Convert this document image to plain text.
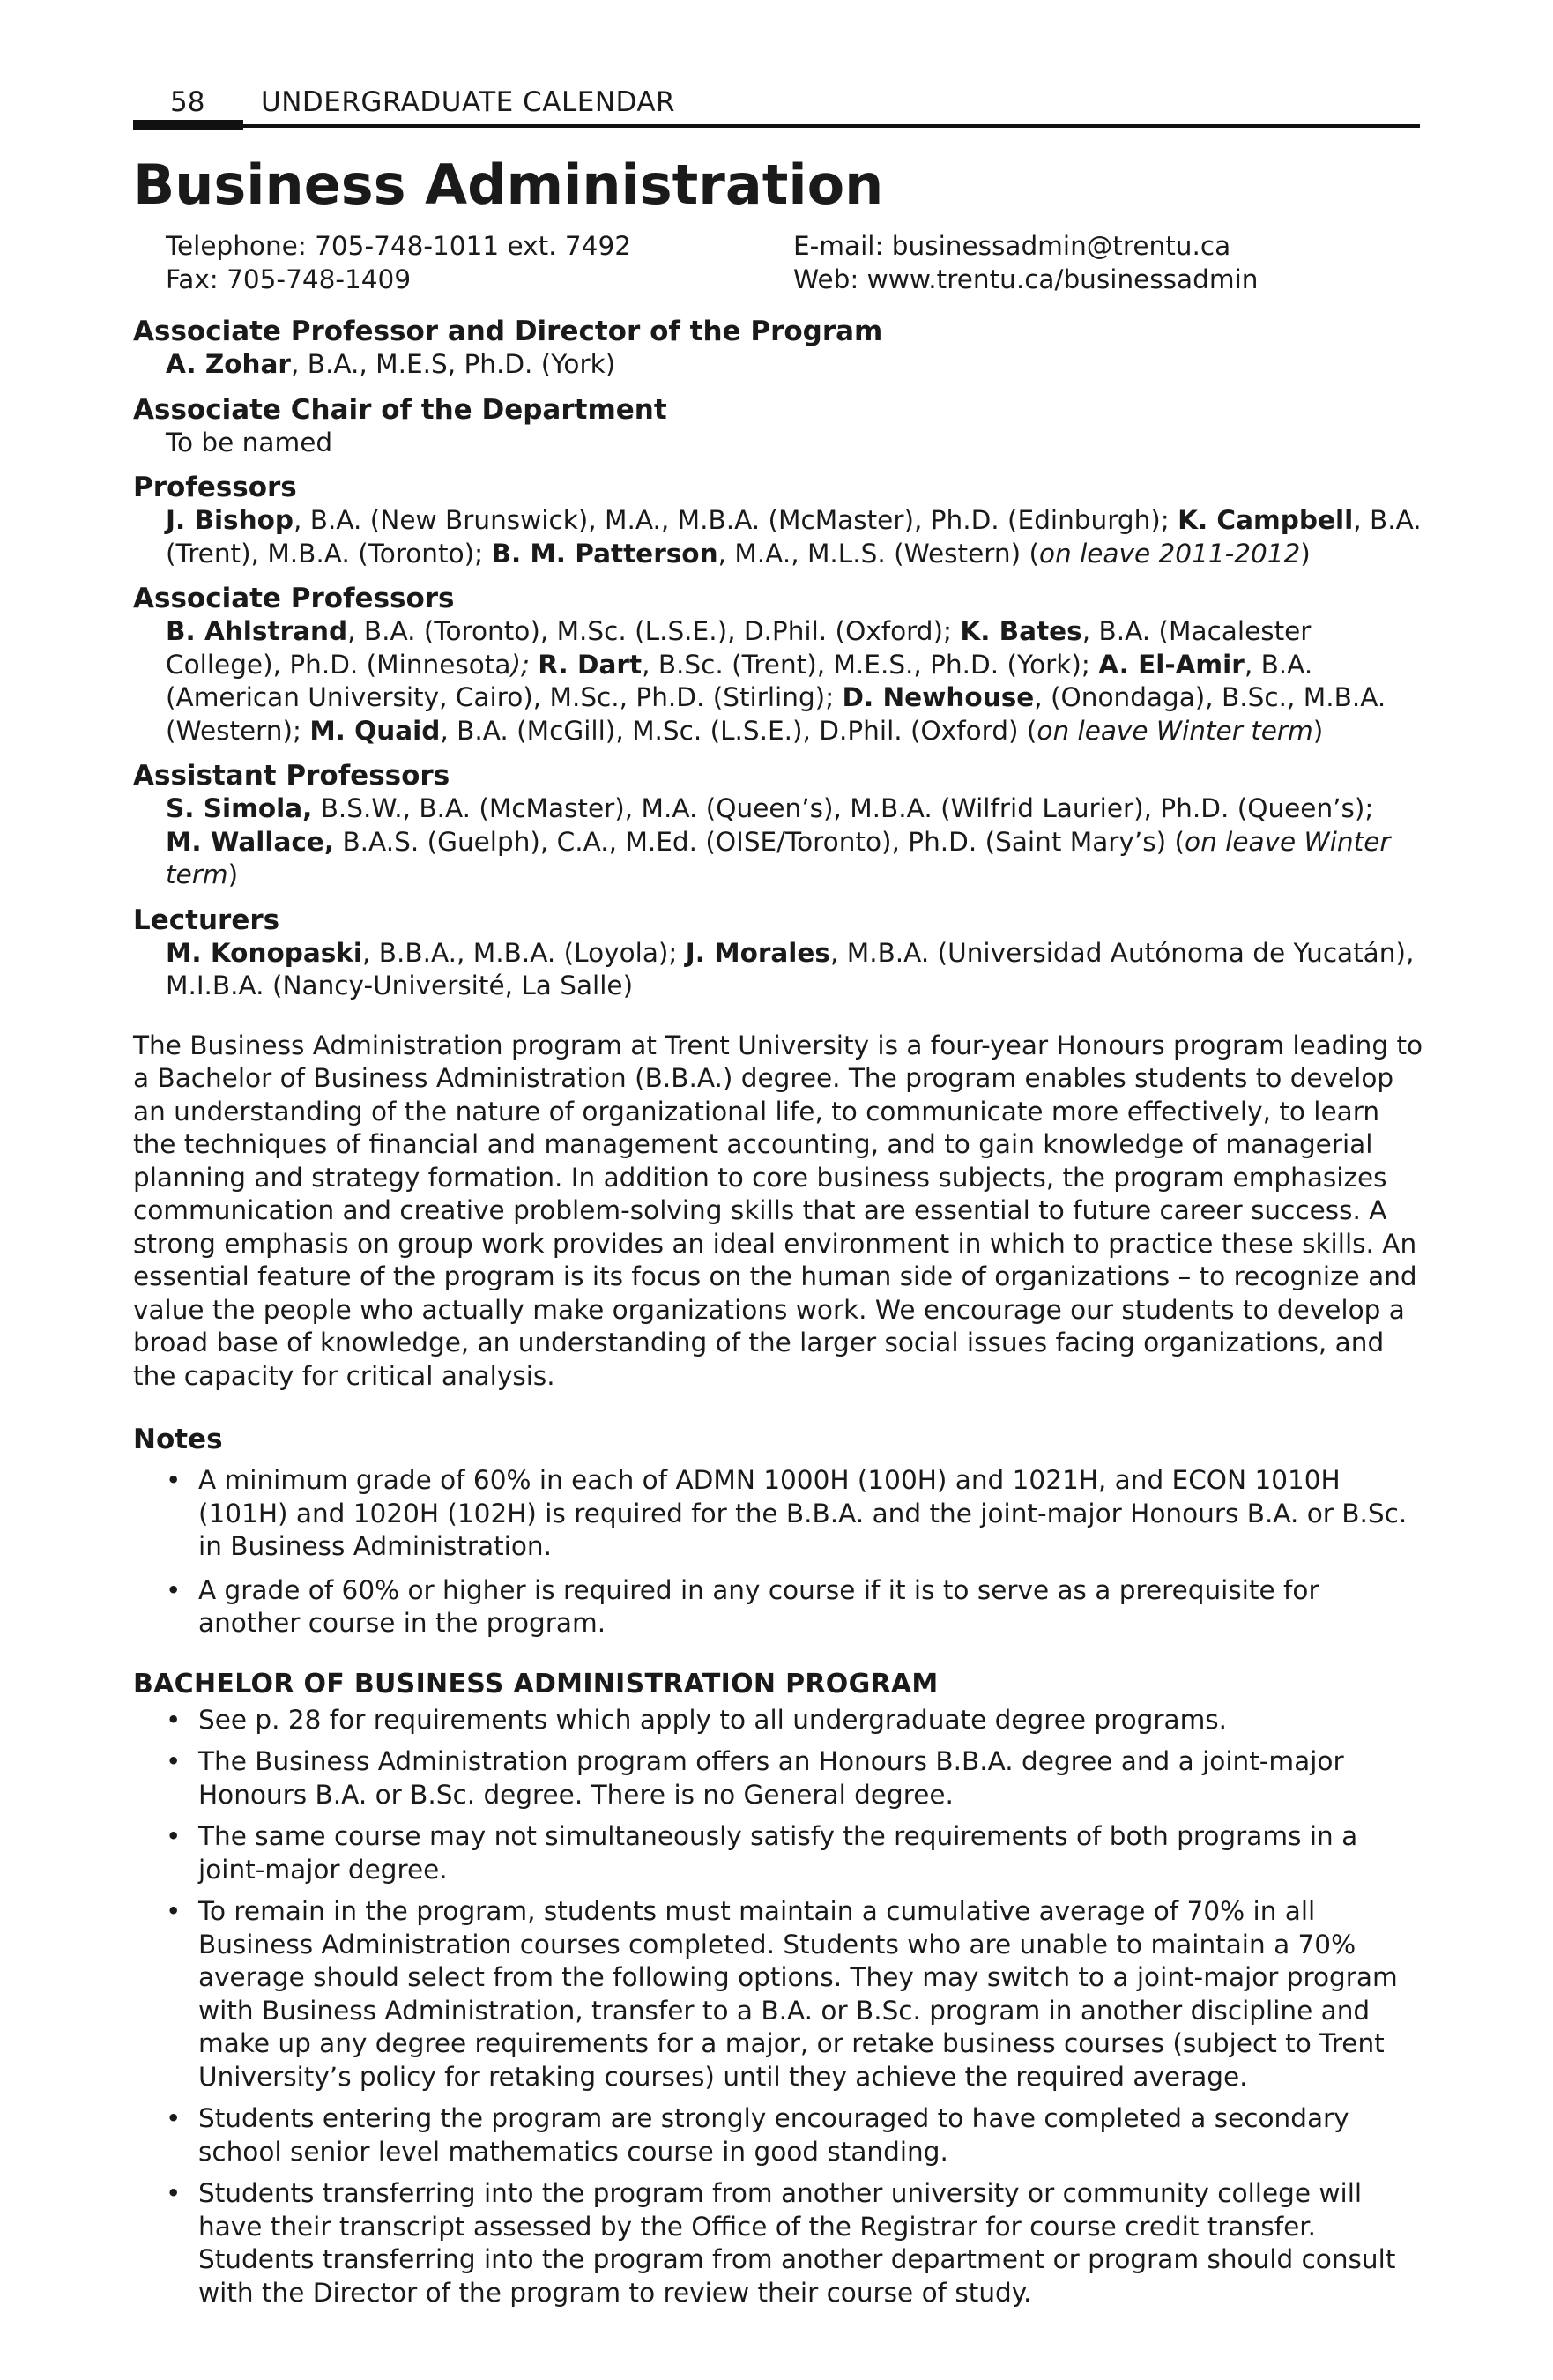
58 UNDERGRADUATE CALENDAR
Business Administration
Telephone: 705-748-1011 ext. 7492
Fax: 705-748-1409
E-mail: businessadmin@trentu.ca
Web: www.trentu.ca/businessadmin
Associate Professor and Director of the Program
A. Zohar, B.A., M.E.S, Ph.D. (York)
Associate Chair of the Department
To be named
Professors
J. Bishop, B.A. (New Brunswick), M.A., M.B.A. (McMaster), Ph.D. (Edinburgh); K. Campbell, B.A. (Trent), M.B.A. (Toronto); B. M. Patterson, M.A., M.L.S. (Western) (on leave 2011-2012)
Associate Professors
B. Ahlstrand, B.A. (Toronto), M.Sc. (L.S.E.), D.Phil. (Oxford); K. Bates, B.A. (Macalester College), Ph.D. (Minnesota); R. Dart, B.Sc. (Trent), M.E.S., Ph.D. (York); A. El-Amir, B.A. (American University, Cairo), M.Sc., Ph.D. (Stirling); D. Newhouse, (Onondaga), B.Sc., M.B.A. (Western); M. Quaid, B.A. (McGill), M.Sc. (L.S.E.), D.Phil. (Oxford) (on leave Winter term)
Assistant Professors
S. Simola, B.S.W., B.A. (McMaster), M.A. (Queen’s), M.B.A. (Wilfrid Laurier), Ph.D. (Queen’s);
M. Wallace, B.A.S. (Guelph), C.A., M.Ed. (OISE/Toronto), Ph.D. (Saint Mary’s) (on leave Winter term)
Lecturers
M. Konopaski, B.B.A., M.B.A. (Loyola); J. Morales, M.B.A. (Universidad Autónoma de Yucatán), M.I.B.A. (Nancy-Université, La Salle)

The Business Administration program at Trent University is a four-year Honours program leading to a Bachelor of Business Administration (B.B.A.) degree. The program enables students to develop an understanding of the nature of organizational life, to communicate more effectively, to learn the techniques of financial and management accounting, and to gain knowledge of managerial planning and strategy formation. In addition to core business subjects, the program emphasizes communication and creative problem-solving skills that are essential to future career success. A strong emphasis on group work provides an ideal environment in which to practice these skills. An essential feature of the program is its focus on the human side of organizations – to recognize and value the people who actually make organizations work. We encourage our students to develop a broad base of knowledge, an understanding of the larger social issues facing organizations, and the capacity for critical analysis.

Notes
• A minimum grade of 60% in each of ADMN 1000H (100H) and 1021H, and ECON 1010H (101H) and 1020H (102H) is required for the B.B.A. and the joint-major Honours B.A. or B.Sc. in Business Administration.
• A grade of 60% or higher is required in any course if it is to serve as a prerequisite for another course in the program.
BACHELOR OF BUSINESS ADMINISTRATION PROGRAM
• See p. 28 for requirements which apply to all undergraduate degree programs.
• The Business Administration program offers an Honours B.B.A. degree and a joint-major Honours B.A. or B.Sc. degree. There is no General degree.
• The same course may not simultaneously satisfy the requirements of both programs in a joint-major degree.
• To remain in the program, students must maintain a cumulative average of 70% in all Business Administration courses completed. Students who are unable to maintain a 70% average should select from the following options. They may switch to a joint-major program with Business Administration, transfer to a B.A. or B.Sc. program in another discipline and make up any degree requirements for a major, or retake business courses (subject to Trent University’s policy for retaking courses) until they achieve the required average.
• Students entering the program are strongly encouraged to have completed a secondary school senior level mathematics course in good standing.
• Students transferring into the program from another university or community college will have their transcript assessed by the Office of the Registrar for course credit transfer. Students transferring into the program from another department or program should consult with the Director of the program to review their course of study.
